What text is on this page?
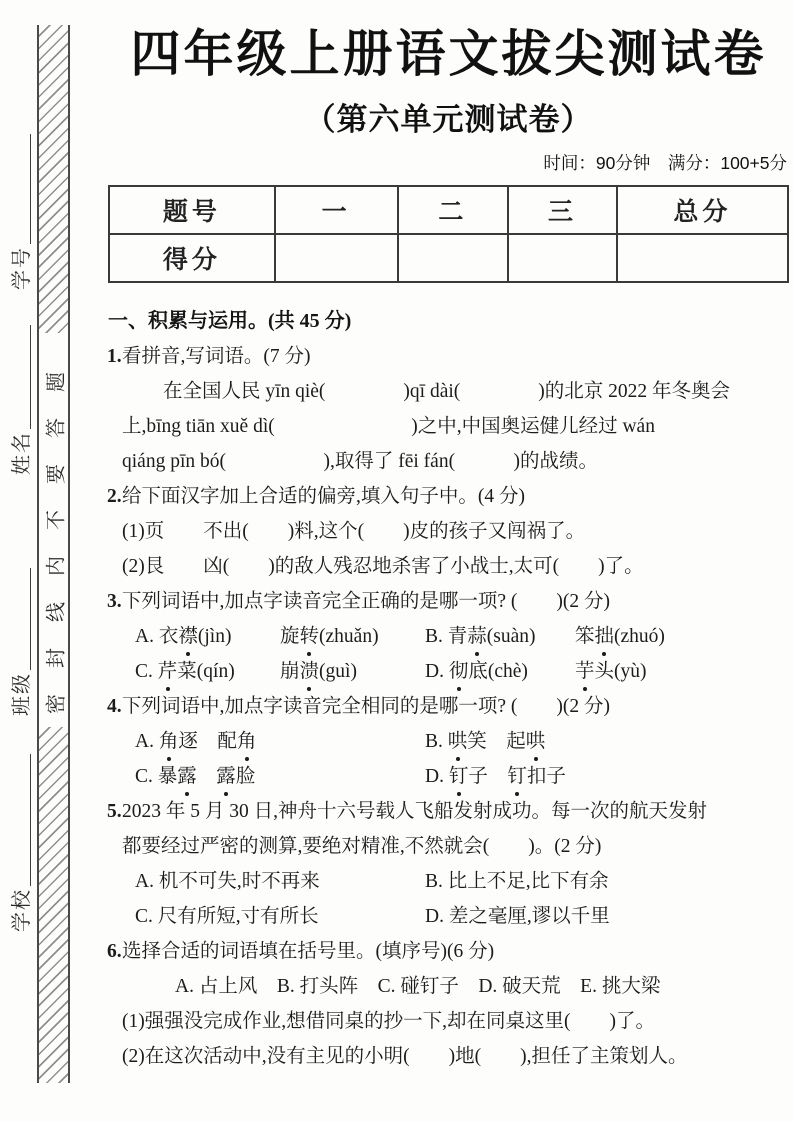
学号
姓名
班级
学校
密封线内不要答题
四年级上册语文拔尖测试卷
（第六单元测试卷）
时间：90分钟　满分：100+5分
题号	一	二	三	总分
得分				
一、积累与运用。(共 45 分)
1. 看拼音,写词语。(7 分)
在全国人民 yīn qiè(　　　　)qī dài(　　　　)的北京 2022 年冬奥会
上,bīng tiān xuě dì(　　　　　　　)之中,中国奥运健儿经过 wán
qiáng pīn bó(　　　　　),取得了 fēi fán(　　　)的战绩。
2. 给下面汉字加上合适的偏旁,填入句子中。(4 分)
(1)页　　不出(　　)料,这个(　　)皮的孩子又闯祸了。
(2)艮　　凶(　　)的敌人残忍地杀害了小战士,太可(　　)了。
3. 下列词语中,加点字读音完全正确的是哪一项? (　　)(2 分)
A. 衣襟(jìn)	旋转(zhuǎn)	B. 青蒜(suàn)	笨拙(zhuó)
C. 芹菜(qín)	崩溃(guì)	D. 彻底(chè)	芋头(yù)
4. 下列词语中,加点字读音完全相同的是哪一项? (　　)(2 分)
A. 角逐　配角	B. 哄笑　起哄
C. 暴露　 露脸	D. 钉子　钉扣子
5. 2023 年 5 月 30 日,神舟十六号载人飞船发射成功。每一次的航天发射
都要经过严密的测算,要绝对精准,不然就会(　　)。(2 分)
A. 机不可失,时不再来	B. 比上不足,比下有余
C. 尺有所短,寸有所长	D. 差之毫厘,谬以千里
6. 选择合适的词语填在括号里。(填序号)(6 分)
A. 占上风　B. 打头阵　C. 碰钉子　D. 破天荒　E. 挑大梁
(1)强强没完成作业,想借同桌的抄一下,却在同桌这里(　　)了。
(2)在这次活动中,没有主见的小明(　　)地(　　),担任了主策划人。
